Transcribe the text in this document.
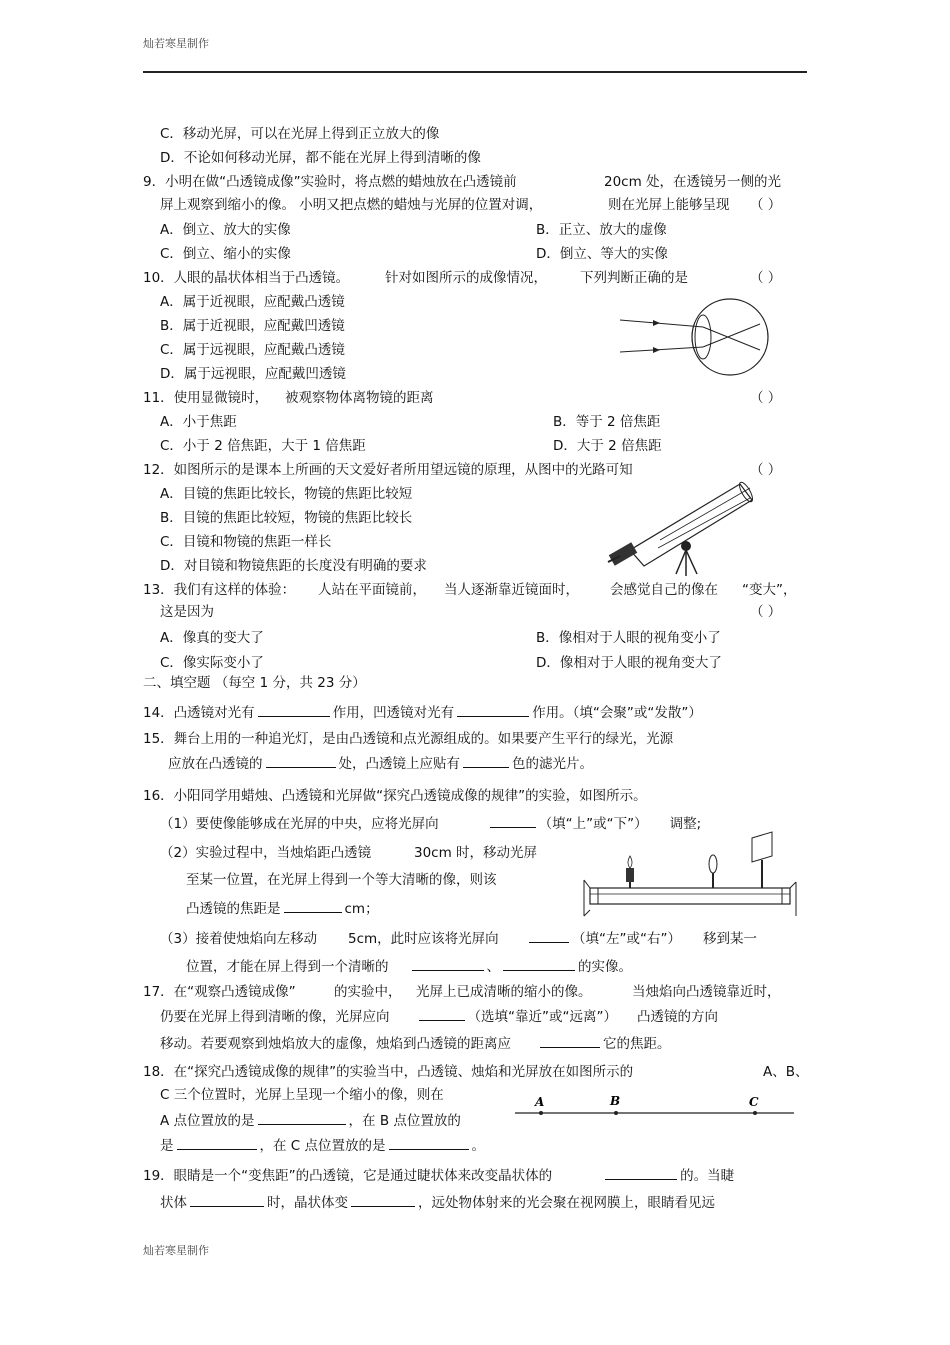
灿若寒星制作
C．移动光屏，可以在光屏上得到正立放大的像
D．不论如何移动光屏，都不能在光屏上得到清晰的像
9．小明在做“凸透镜成像”实验时，将点燃的蜡烛放在凸透镜前	20cm 处，在透镜另一侧的光
屏上观察到缩小的像。 小明又把点燃的蜡烛与光屏的位置对调，	则在光屏上能够呈现 （ ）
A．倒立、放大的实像	B．正立、放大的虚像
C．倒立、缩小的实像	D．倒立、等大的实像
10．人眼的晶状体相当于凸透镜。	针对如图所示的成像情况， 下列判断正确的是	（ ）
A．属于近视眼，应配戴凸透镜
B．属于近视眼，应配戴凹透镜
C．属于远视眼，应配戴凸透镜
D．属于远视眼，应配戴凹透镜
11．使用显微镜时， 被观察物体离物镜的距离	（ ）
A．小于焦距	B．等于 2 倍焦距
C．小于 2 倍焦距，大于 1 倍焦距	D．大于 2 倍焦距
12．如图所示的是课本上所画的天文爱好者所用望远镜的原理，从图中的光路可知	（ ）
A．目镜的焦距比较长，物镜的焦距比较短
B．目镜的焦距比较短，物镜的焦距比较长
C．目镜和物镜的焦距一样长
D．对目镜和物镜焦距的长度没有明确的要求
13．我们有这样的体验： 人站在平面镜前， 当人逐渐靠近镜面时， 会感觉自己的像在 “变大”，
这是因为	（ ）
A．像真的变大了	B．像相对于人眼的视角变小了
C．像实际变小了	D．像相对于人眼的视角变大了
二、填空题 （每空 1 分，共 23 分）
14．凸透镜对光有	作用，凹透镜对光有	作用。（填“会聚”或“发散”）
15．舞台上用的一种追光灯，是由凸透镜和点光源组成的。如果要产生平行的绿光，光源
应放在凸透镜的	处，凸透镜上应贴有	色的滤光片。
16．小阳同学用蜡烛、凸透镜和光屏做“探究凸透镜成像的规律”的实验，如图所示。
（1）要使像能够成在光屏的中央，应将光屏向	（填“上”或“下”） 调整;
（2）实验过程中，当烛焰距凸透镜	30cm 时，移动光屏
至某一位置，在光屏上得到一个等大清晰的像，则该
凸透镜的焦距是	cm；
（3）接着使烛焰向左移动 5cm，此时应该将光屏向	（填“左”或“右”） 移到某一
位置，才能在屏上得到一个清晰的	、	的实像。
17．在“观察凸透镜成像”	的实验中， 光屏上已成清晰的缩小的像。	当烛焰向凸透镜靠近时，
仍要在光屏上得到清晰的像，光屏应向	（选填“靠近”或“远离”） 凸透镜的方向
移动。若要观察到烛焰放大的虚像，烛焰到凸透镜的距离应	它的焦距。
18．在“探究凸透镜成像的规律”的实验当中，凸透镜、烛焰和光屏放在如图所示的	A、B、
C 三个位置时，光屏上呈现一个缩小的像，则在
A 点位置放的是	，在 B 点位置放的
是	，在 C 点位置放的是	。
A	B	C
19．眼睛是一个“变焦距”的凸透镜，它是通过睫状体来改变晶状体的	的。当睫
状体	时，晶状体变	，远处物体射来的光会聚在视网膜上，眼睛看见远
灿若寒星制作
